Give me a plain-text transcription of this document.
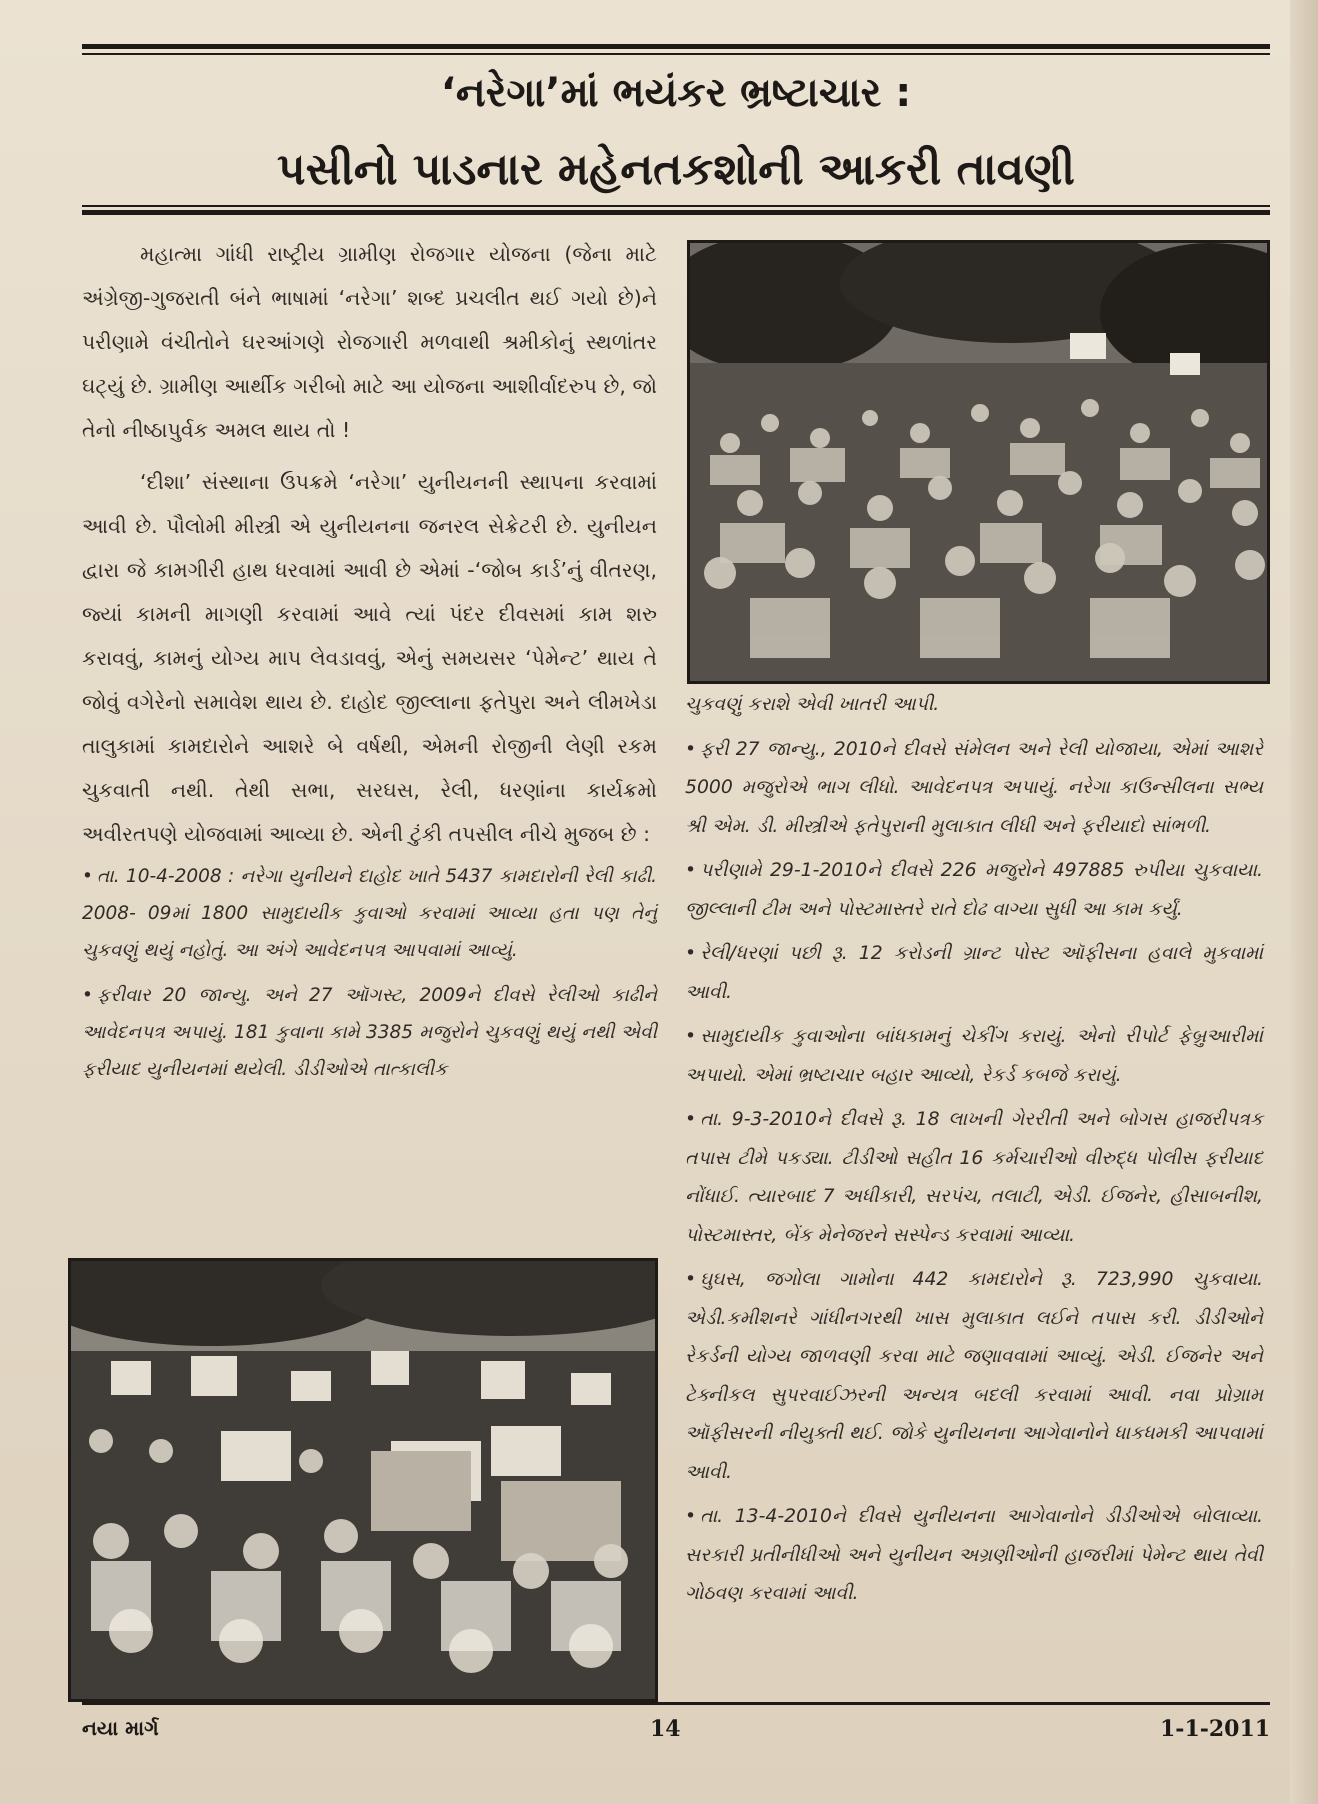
‘નરેગા’માં ભયંકર ભ્રષ્ટાચાર :
પસીનો પાડનાર મહેનતકશોની આકરી તાવણી

મહાત્મા ગાંધી રાષ્ટ્રીય ગ્રામીણ રોજગાર યોજના (જેના માટે અંગ્રેજી-ગુજરાતી બંને ભાષામાં ‘નરેગા’ શબ્દ પ્રચલીત થઈ ગયો છે)ને પરીણામે વંચીતોને ઘરઆંગણે રોજગારી મળવાથી શ્રમીકોનું સ્થળાંતર ઘટ્યું છે. ગ્રામીણ આર્થીક ગરીબો માટે આ યોજના આશીર્વાદરુપ છે, જો તેનો નીષ્ઠાપુર્વક અમલ થાય તો !

‘દીશા’ સંસ્થાના ઉપક્રમે ‘નરેગા’ યુનીયનની સ્થાપના કરવામાં આવી છે. પૌલોમી મીસ્ત્રી એ યુનીયનના જનરલ સેક્રેટરી છે. યુનીયન દ્વારા જે કામગીરી હાથ ધરવામાં આવી છે એમાં -‘જોબ કાર્ડ’નું વીતરણ, જ્યાં કામની માગણી કરવામાં આવે ત્યાં પંદર દીવસમાં કામ શરુ કરાવવું, કામનું યોગ્ય માપ લેવડાવવું, એનું સમયસર ‘પેમેન્ટ’ થાય તે જોવું વગેરેનો સમાવેશ થાય છે. દાહોદ જીલ્લાના ફતેપુરા અને લીમખેડા તાલુકામાં કામદારોને આશરે બે વર્ષથી, એમની રોજીની લેણી રકમ ચુકવાતી નથી. તેથી સભા, સરઘસ, રેલી, ધરણાંના કાર્યક્રમો અવીરતપણે યોજવામાં આવ્યા છે. એની ટુંકી તપસીલ નીચે મુજબ છે :

• તા. 10-4-2008 : નરેગા યુનીયને દાહોદ ખાતે 5437 કામદારોની રેલી કાઢી. 2008- 09માં 1800 સામુદાયીક કુવાઓ કરવામાં આવ્યા હતા પણ તેનું ચુકવણું થયું નહોતું. આ અંગે આવેદનપત્ર આપવામાં આવ્યું.

• ફરીવાર 20 જાન્યુ. અને 27 ઑગસ્ટ, 2009ને દીવસે રેલીઓ કાઢીને આવેદનપત્ર અપાયું. 181 કુવાના કામે 3385 મજુરોને ચુકવણું થયું નથી એવી ફરીયાદ યુનીયનમાં થયેલી. ડીડીઓએ તાત્કાલીક

ચુકવણું કરાશે એવી ખાતરી આપી.

• ફરી 27 જાન્યુ., 2010ને દીવસે સંમેલન અને રેલી યોજાયા, એમાં આશરે 5000 મજુરોએ ભાગ લીધો. આવેદનપત્ર અપાયું. નરેગા કાઉન્સીલના સભ્ય શ્રી એમ. ડી. મીસ્ત્રીએ ફતેપુરાની મુલાકાત લીધી અને ફરીયાદો સાંભળી.

• પરીણામે 29-1-2010ને દીવસે 226 મજુરોને 497885 રુપીયા ચુકવાયા. જીલ્લાની ટીમ અને પોસ્ટમાસ્તરે રાતે દોઢ વાગ્યા સુધી આ કામ કર્યું.

• રેલી/ધરણાં પછી રૂ. 12 કરોડની ગ્રાન્ટ પોસ્ટ ઑફીસના હવાલે મુકવામાં આવી.

• સામુદાયીક કુવાઓના બાંધકામનું ચેકીંગ કરાયું. એનો રીપોર્ટ ફેબ્રુઆરીમાં અપાયો. એમાં ભ્રષ્ટાચાર બહાર આવ્યો, રેકર્ડ કબજે કરાયું.

• તા. 9-3-2010ને દીવસે રૂ. 18 લાખની ગેરરીતી અને બોગસ હાજરીપત્રક તપાસ ટીમે પકડ્યા. ટીડીઓ સહીત 16 કર્મચારીઓ વીરુદ્ધ પોલીસ ફરીયાદ નોંધાઈ. ત્યારબાદ 7 અધીકારી, સરપંચ, તલાટી, એડી. ઈજનેર, હીસાબનીશ, પોસ્ટમાસ્તર, બેંક મેનેજરને સસ્પેન્ડ કરવામાં આવ્યા.

• ઘુઘસ, જગોલા ગામોના 442 કામદારોને રૂ. 723,990 ચુકવાયા. એડી.કમીશનરે ગાંધીનગરથી ખાસ મુલાકાત લઈને તપાસ કરી. ડીડીઓને રેકર્ડની યોગ્ય જાળવણી કરવા માટે જણાવવામાં આવ્યું. એડી. ઈજનેર અને ટેક્નીકલ સુપરવાઈઝરની અન્યત્ર બદલી કરવામાં આવી. નવા પ્રોગ્રામ ઑફીસરની નીયુક્તી થઈ. જોકે યુનીયનના આગેવાનોને ધાકધમકી આપવામાં આવી.

• તા. 13-4-2010ને દીવસે યુનીયનના આગેવાનોને ડીડીઓએ બોલાવ્યા. સરકારી પ્રતીનીધીઓ અને યુનીયન અગ્રણીઓની હાજરીમાં પેમેન્ટ થાય તેવી ગોઠવણ કરવામાં આવી.

નયા માર્ગ	14	1-1-2011
